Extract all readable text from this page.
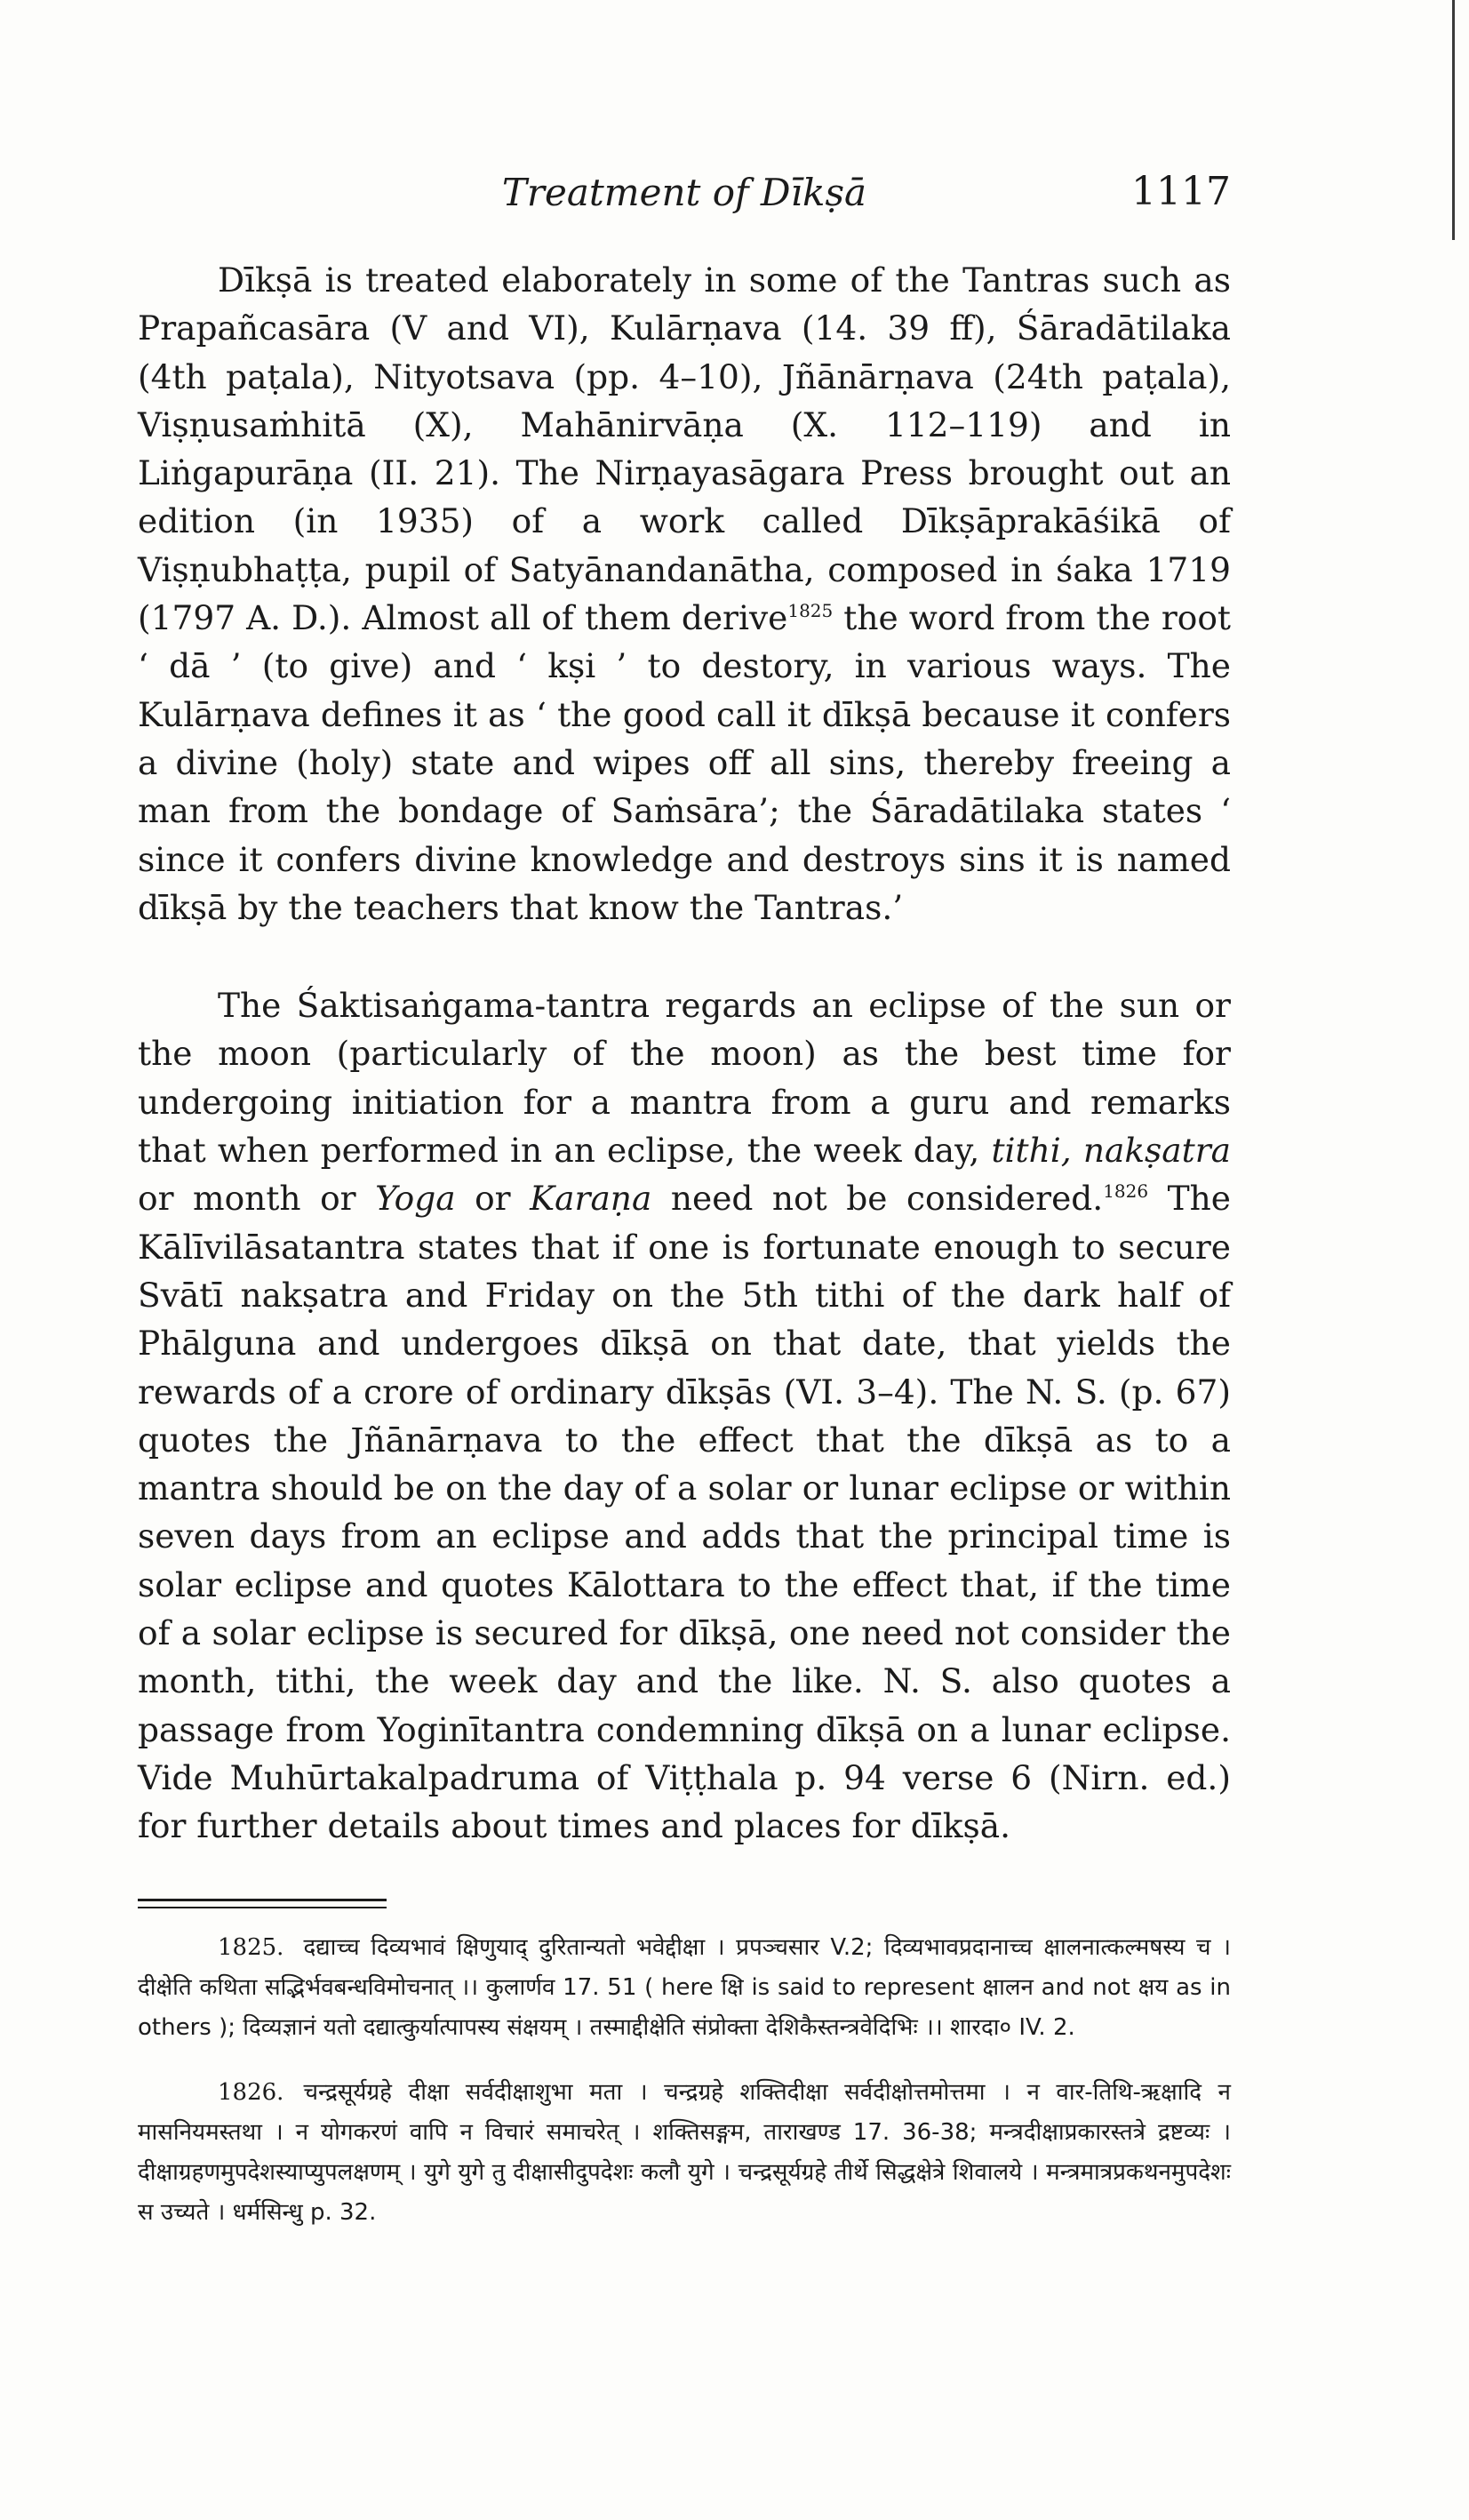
Treatment of Dīkṣā	1117

Dīkṣā is treated elaborately in some of the Tantras such as Prapañcasāra (V and VI), Kulārṇava (14. 39 ff), Śāradātilaka (4th paṭala), Nityotsava (pp. 4–10), Jñānārṇava (24th paṭala), Viṣṇusaṁhitā (X), Mahānirvāṇa (X. 112–119) and in Liṅgapurāṇa (II. 21). The Nirṇayasāgara Press brought out an edition (in 1935) of a work called Dīkṣāprakāśikā of Viṣṇubhaṭṭa, pupil of Satyānandanātha, composed in śaka 1719 (1797 A. D.). Almost all of them derive$^{1825}$ the word from the root ‘ dā ’ (to give) and ‘ kṣi ’ to destory, in various ways. The Kulārṇava defines it as ‘ the good call it dīkṣā because it confers a divine (holy) state and wipes off all sins, thereby freeing a man from the bondage of Saṁsāra’; the Śāradātilaka states ‘ since it confers divine knowledge and destroys sins it is named dīkṣā by the teachers that know the Tantras.’

The Śaktisaṅgama-tantra regards an eclipse of the sun or the moon (particularly of the moon) as the best time for undergoing initiation for a mantra from a guru and remarks that when performed in an eclipse, the week day, tithi, nakṣatra or month or Yoga or Karaṇa need not be considered.$^{1826}$ The Kālīvilāsatantra states that if one is fortunate enough to secure Svātī nakṣatra and Friday on the 5th tithi of the dark half of Phālguna and undergoes dīkṣā on that date, that yields the rewards of a crore of ordinary dīkṣās (VI. 3–4). The N. S. (p. 67) quotes the Jñānārṇava to the effect that the dīkṣā as to a mantra should be on the day of a solar or lunar eclipse or within seven days from an eclipse and adds that the principal time is solar eclipse and quotes Kālottara to the effect that, if the time of a solar eclipse is secured for dīkṣā, one need not consider the month, tithi, the week day and the like. N. S. also quotes a passage from Yoginītantra condemning dīkṣā on a lunar eclipse. Vide Muhūrtakalpadruma of Viṭṭhala p. 94 verse 6 (Nirn. ed.) for further details about times and places for dīkṣā.

1825. दद्याच्च दिव्यभावं क्षिणुयाद् दुरितान्यतो भवेद्दीक्षा । प्रपञ्चसार V.2; दिव्यभावप्रदानाच्च क्षालनात्कल्मषस्य च । दीक्षेति कथिता सद्भिर्भवबन्धविमोचनात् ।। कुलार्णव 17. 51 ( here क्षि is said to represent क्षालन and not क्षय as in others ); दिव्यज्ञानं यतो दद्यात्कुर्यात्पापस्य संक्षयम् । तस्माद्दीक्षेति संप्रोक्ता देशिकैस्तन्त्रवेदिभिः ।। शारदा० IV. 2.

1826. चन्द्रसूर्यग्रहे दीक्षा सर्वदीक्षाशुभा मता । चन्द्रग्रहे शक्तिदीक्षा सर्वदीक्षोत्तमोत्तमा । न वार-तिथि-ऋक्षादि न मासनियमस्तथा । न योगकरणं वापि न विचारं समाचरेत् । शक्तिसङ्गम, ताराखण्ड 17. 36-38; मन्त्रदीक्षाप्रकारस्तत्रे द्रष्टव्यः । दीक्षाग्रहणमुपदेशस्याप्युपलक्षणम् । युगे युगे तु दीक्षासीदुपदेशः कलौ युगे । चन्द्रसूर्यग्रहे तीर्थे सिद्धक्षेत्रे शिवालये । मन्त्रमात्रप्रकथनमुपदेशः स उच्यते । धर्मसिन्धु p. 32.
